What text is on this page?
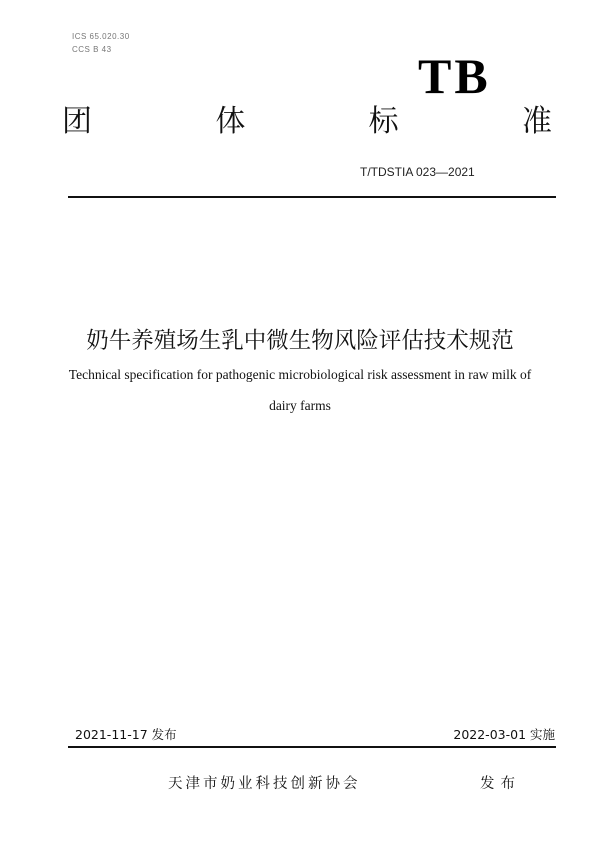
ICS 65.020.30
CCS B 43	TB
团	体	标	准
T/TDSTIA 023—2021
奶牛养殖场生乳中微生物风险评估技术规范
Technical specification for pathogenic microbiological risk assessment in raw milk of
dairy farms
2021-11-17 发布	2022-03-01 实施
天津市奶业科技创新协会	发布
